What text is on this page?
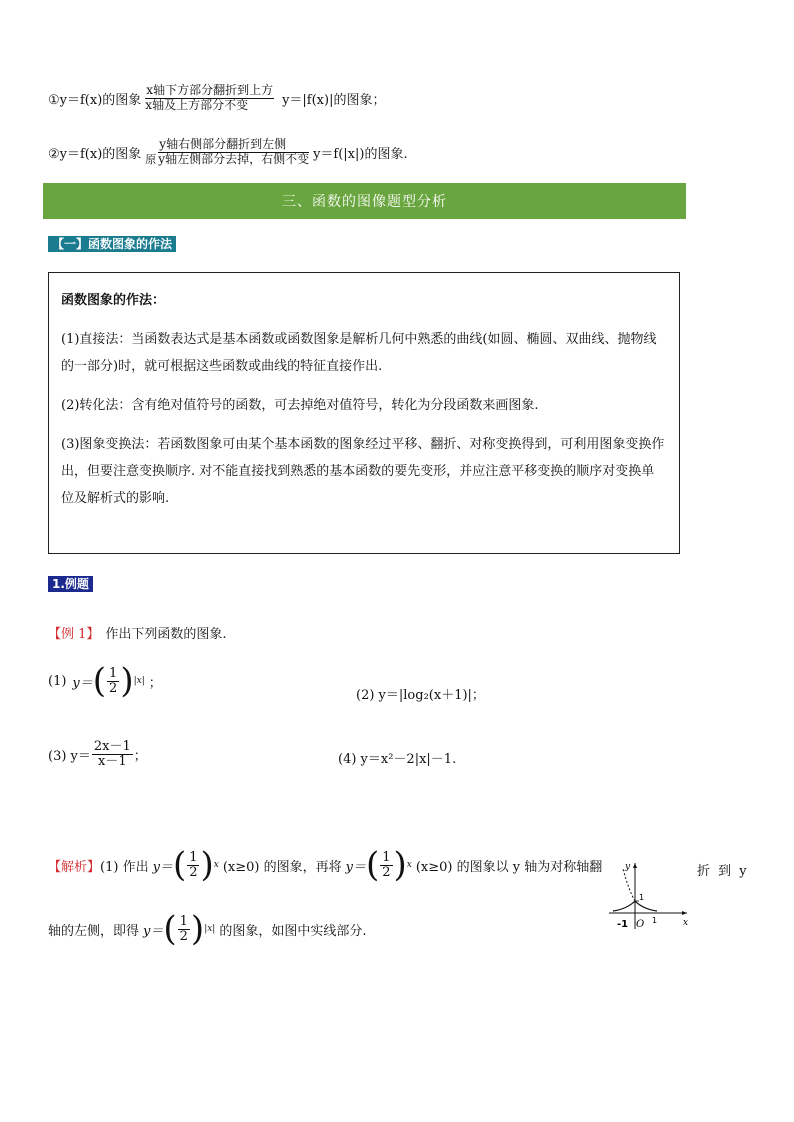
①y＝f(x)的图象
x轴下方部分翻折到上方
x轴及上方部分不变	y＝|f(x)|的图象；
②y＝f(x)的图象 原
y轴右侧部分翻折到左侧
y轴左侧部分去掉，右侧不变 y＝f(|x|)的图象.
三、函数的图像题型分析
【一】函数图象的作法

函数图象的作法：

(1)直接法：当函数表达式是基本函数或函数图象是解析几何中熟悉的曲线(如圆、椭圆、双曲线、抛物线的一部分)时，就可根据这些函数或曲线的特征直接作出.

(2)转化法：含有绝对值符号的函数，可去掉绝对值符号，转化为分段函数来画图象.

(3)图象变换法：若函数图象可由某个基本函数的图象经过平移、翻折、对称变换得到，可利用图象变换作出，但要注意变换顺序. 对不能直接找到熟悉的基本函数的要先变形，并应注意平移变换的顺序对变换单位及解析式的影响.

1.例题
【例 1】 作出下列函数的图象.
(1) y＝ ( $\frac{1}{2}$ ) |x| ；
(2) y＝|log₂(x＋1)|；
(3) $y= \frac{2x-1}{x-1}$ ；	(4) y＝x²－2|x|－1.
【解析】 (1) 作出 y＝ ( $\frac{1}{2}$ ) x (x≥0) 的图象，再将 y＝ ( $\frac{1}{2}$ ) x (x≥0) 的图象以 y 轴为对称轴翻	折 到 y
轴的左侧，即得 y＝ ( $\frac{1}{2}$ ) |x| 的图象，如图中实线部分.
y
x
O
-1	1
1
